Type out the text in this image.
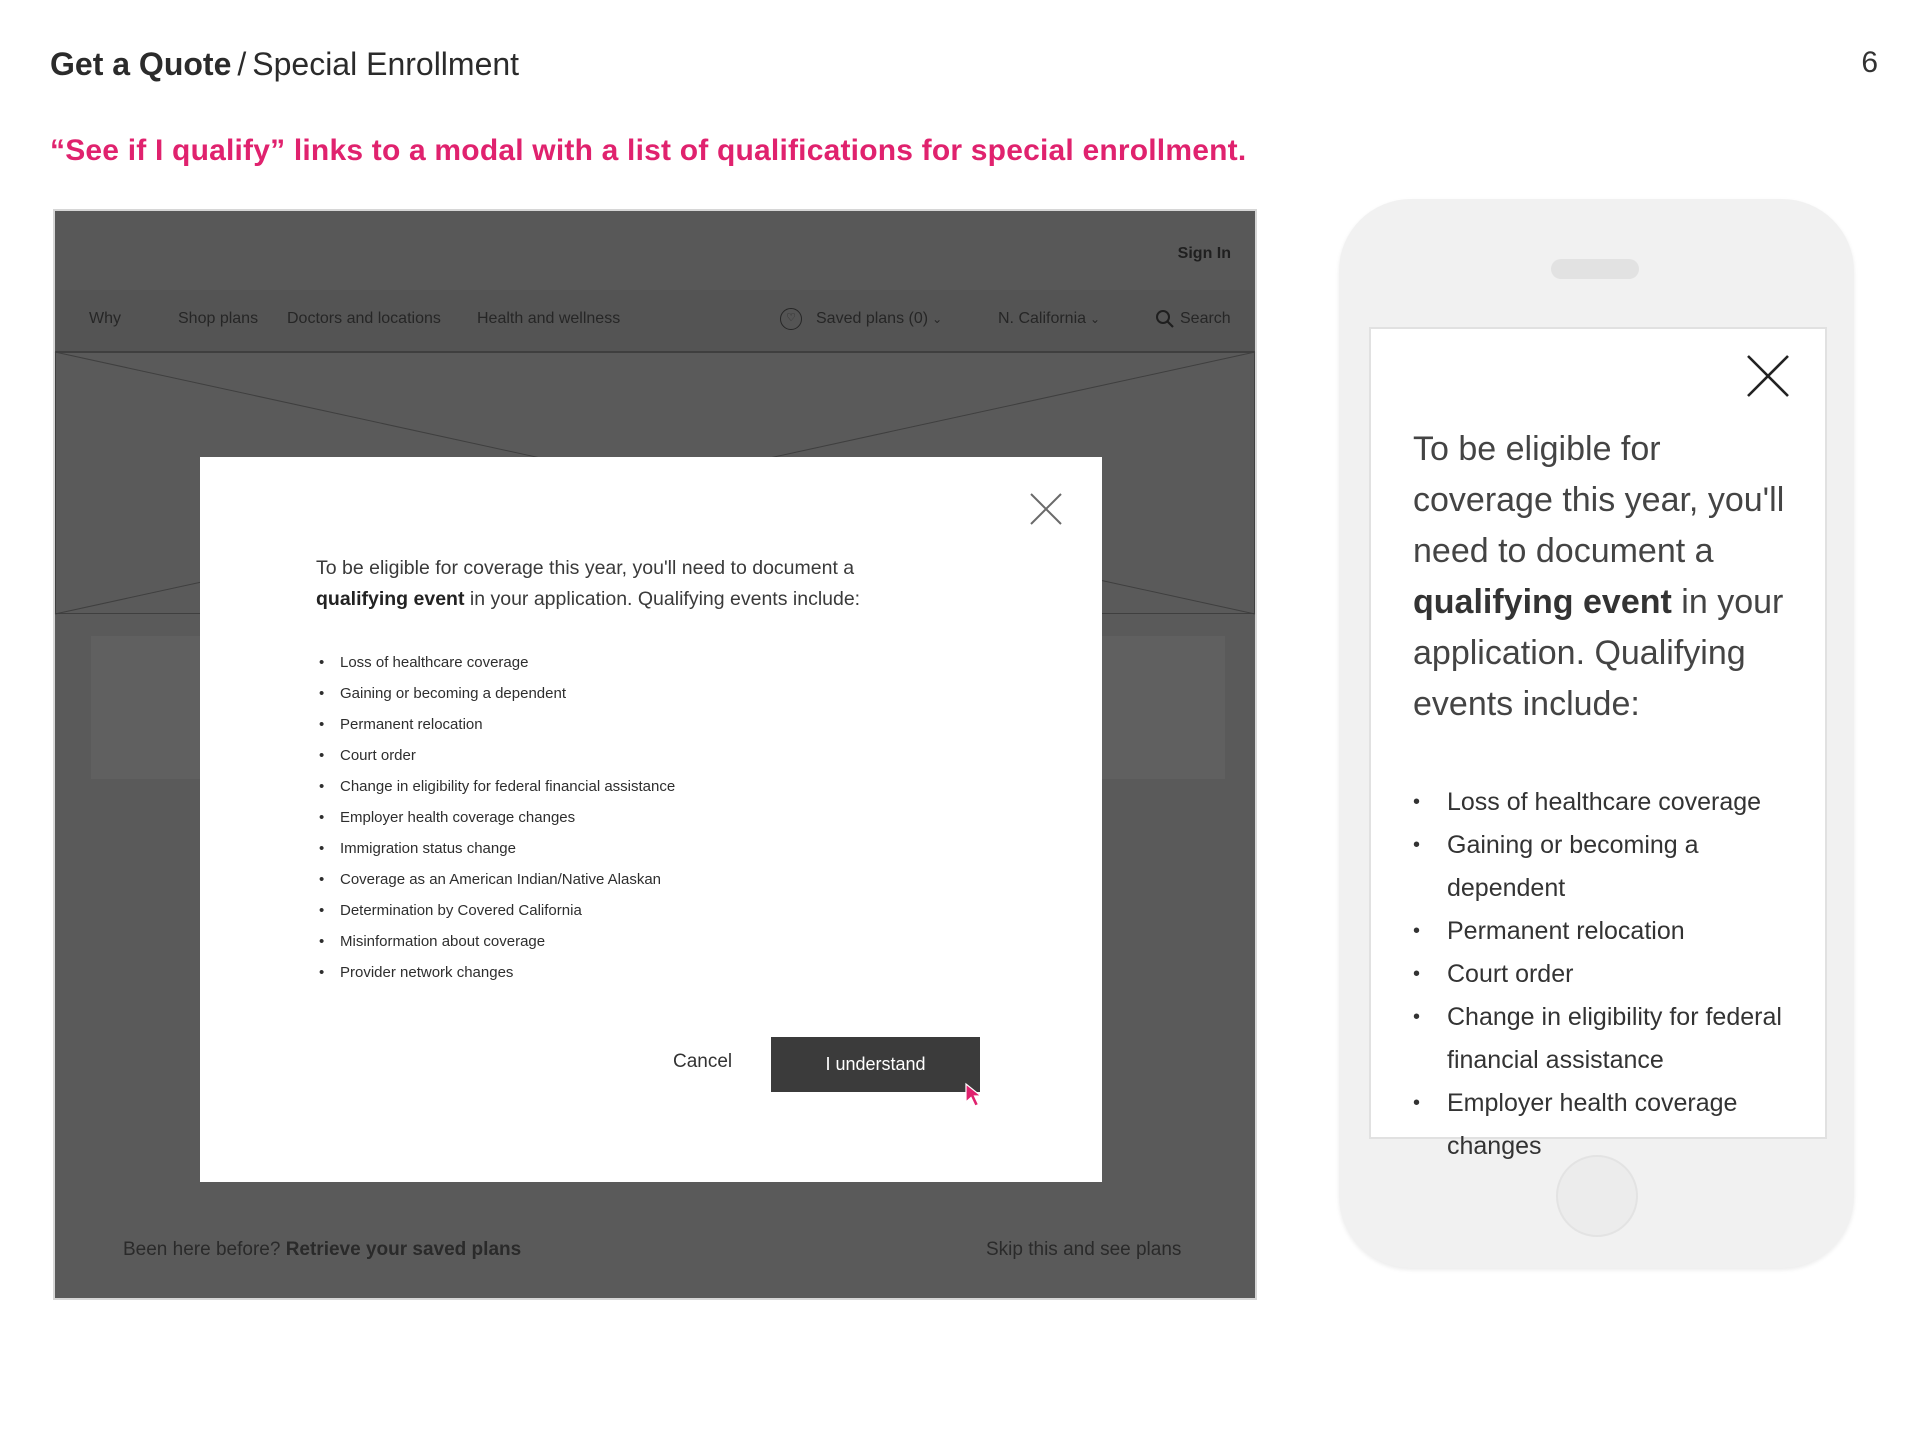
Get a Quote / Special Enrollment	6
“See if I qualify” links to a modal with a list of qualifications for special enrollment.
Sign In
Why	Shop plans Doctors and locations Health and wellness	♡	Saved plans (0) ⌄	N. California ⌄	Search
Been here before? Retrieve your saved plans	Skip this and see plans
To be eligible for coverage this year, you'll need to document a qualifying event in your application. Qualifying events include:
• Loss of healthcare coverage
• Gaining or becoming a dependent
• Permanent relocation
• Court order
• Change in eligibility for federal financial assistance
• Employer health coverage changes
• Immigration status change
• Coverage as an American Indian/Native Alaskan
• Determination by Covered California
• Misinformation about coverage
• Provider network changes
Cancel	I understand
To be eligible for coverage this year, you'll need to document a qualifying event in your application. Qualifying events include:
• Loss of healthcare coverage
• Gaining or becoming a dependent
• Permanent relocation
• Court order
• Change in eligibility for federal financial assistance
• Employer health coverage changes
